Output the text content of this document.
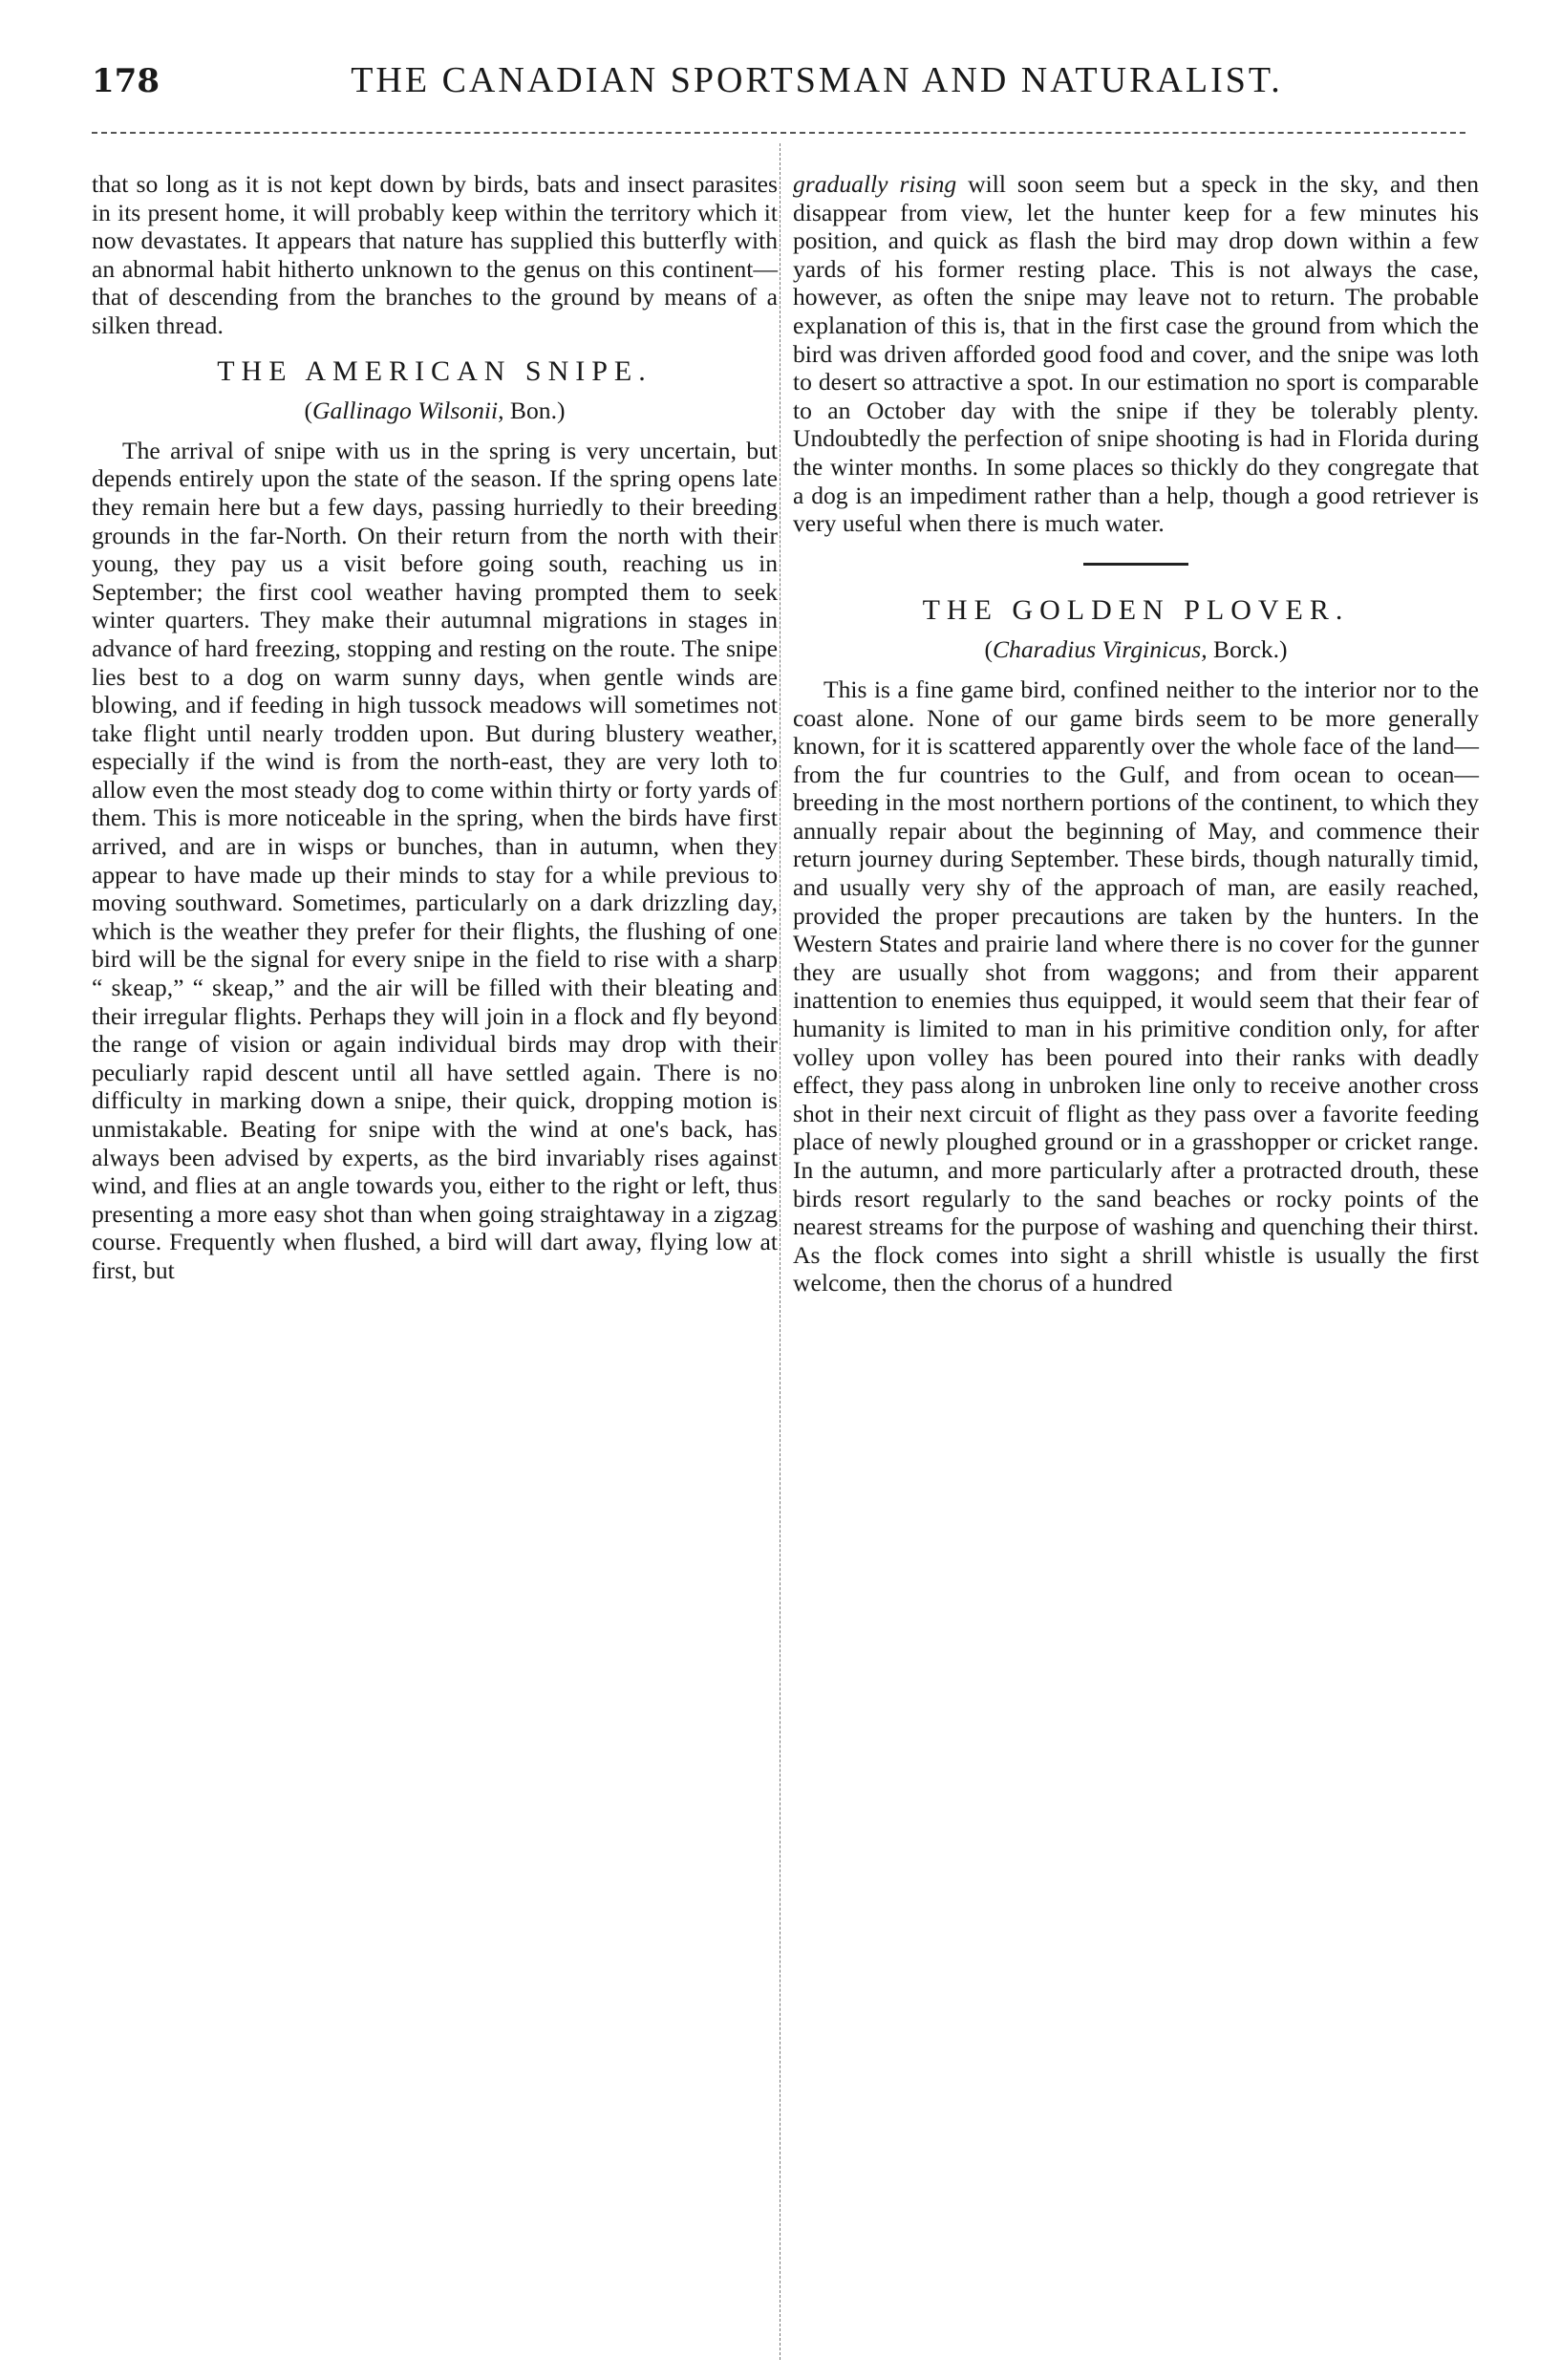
178	THE CANADIAN SPORTSMAN AND NATURALIST.

that so long as it is not kept down by birds, bats and insect parasites in its present home, it will probably keep within the territory which it now devastates. It appears that nature has supplied this butterfly with an abnormal habit hitherto unknown to the genus on this continent—that of descending from the branches to the ground by means of a silken thread.

THE AMERICAN SNIPE.
(Gallinago Wilsonii, Bon.)

The arrival of snipe with us in the spring is very uncertain, but depends entirely upon the state of the season. If the spring opens late they remain here but a few days, passing hurriedly to their breeding grounds in the far-North. On their return from the north with their young, they pay us a visit before going south, reaching us in September; the first cool weather having prompted them to seek winter quarters. They make their autumnal migrations in stages in advance of hard freezing, stopping and resting on the route. The snipe lies best to a dog on warm sunny days, when gentle winds are blowing, and if feeding in high tussock meadows will sometimes not take flight until nearly trodden upon. But during blustery weather, especially if the wind is from the north-east, they are very loth to allow even the most steady dog to come within thirty or forty yards of them. This is more noticeable in the spring, when the birds have first arrived, and are in wisps or bunches, than in autumn, when they appear to have made up their minds to stay for a while previous to moving southward. Sometimes, particularly on a dark drizzling day, which is the weather they prefer for their flights, the flushing of one bird will be the signal for every snipe in the field to rise with a sharp “ skeap,” “ skeap,” and the air will be filled with their bleating and their irregular flights. Perhaps they will join in a flock and fly beyond the range of vision or again individual birds may drop with their peculiarly rapid descent until all have settled again. There is no difficulty in marking down a snipe, their quick, dropping motion is unmistakable. Beating for snipe with the wind at one's back, has always been advised by experts, as the bird invariably rises against wind, and flies at an angle towards you, either to the right or left, thus presenting a more easy shot than when going straightaway in a zigzag course. Frequently when flushed, a bird will dart away, flying low at first, but

gradually rising will soon seem but a speck in the sky, and then disappear from view, let the hunter keep for a few minutes his position, and quick as flash the bird may drop down within a few yards of his former resting place. This is not always the case, however, as often the snipe may leave not to return. The probable explanation of this is, that in the first case the ground from which the bird was driven afforded good food and cover, and the snipe was loth to desert so attractive a spot. In our estimation no sport is comparable to an October day with the snipe if they be tolerably plenty. Undoubtedly the perfection of snipe shooting is had in Florida during the winter months. In some places so thickly do they congregate that a dog is an impediment rather than a help, though a good retriever is very useful when there is much water.

THE GOLDEN PLOVER.
(Charadius Virginicus, Borck.)

This is a fine game bird, confined neither to the interior nor to the coast alone. None of our game birds seem to be more generally known, for it is scattered apparently over the whole face of the land—from the fur countries to the Gulf, and from ocean to ocean—breeding in the most northern portions of the continent, to which they annually repair about the beginning of May, and commence their return journey during September. These birds, though naturally timid, and usually very shy of the approach of man, are easily reached, provided the proper precautions are taken by the hunters. In the Western States and prairie land where there is no cover for the gunner they are usually shot from waggons; and from their apparent inattention to enemies thus equipped, it would seem that their fear of humanity is limited to man in his primitive condition only, for after volley upon volley has been poured into their ranks with deadly effect, they pass along in unbroken line only to receive another cross shot in their next circuit of flight as they pass over a favorite feeding place of newly ploughed ground or in a grasshopper or cricket range. In the autumn, and more particularly after a protracted drouth, these birds resort regularly to the sand beaches or rocky points of the nearest streams for the purpose of washing and quenching their thirst. As the flock comes into sight a shrill whistle is usually the first welcome, then the chorus of a hundred
